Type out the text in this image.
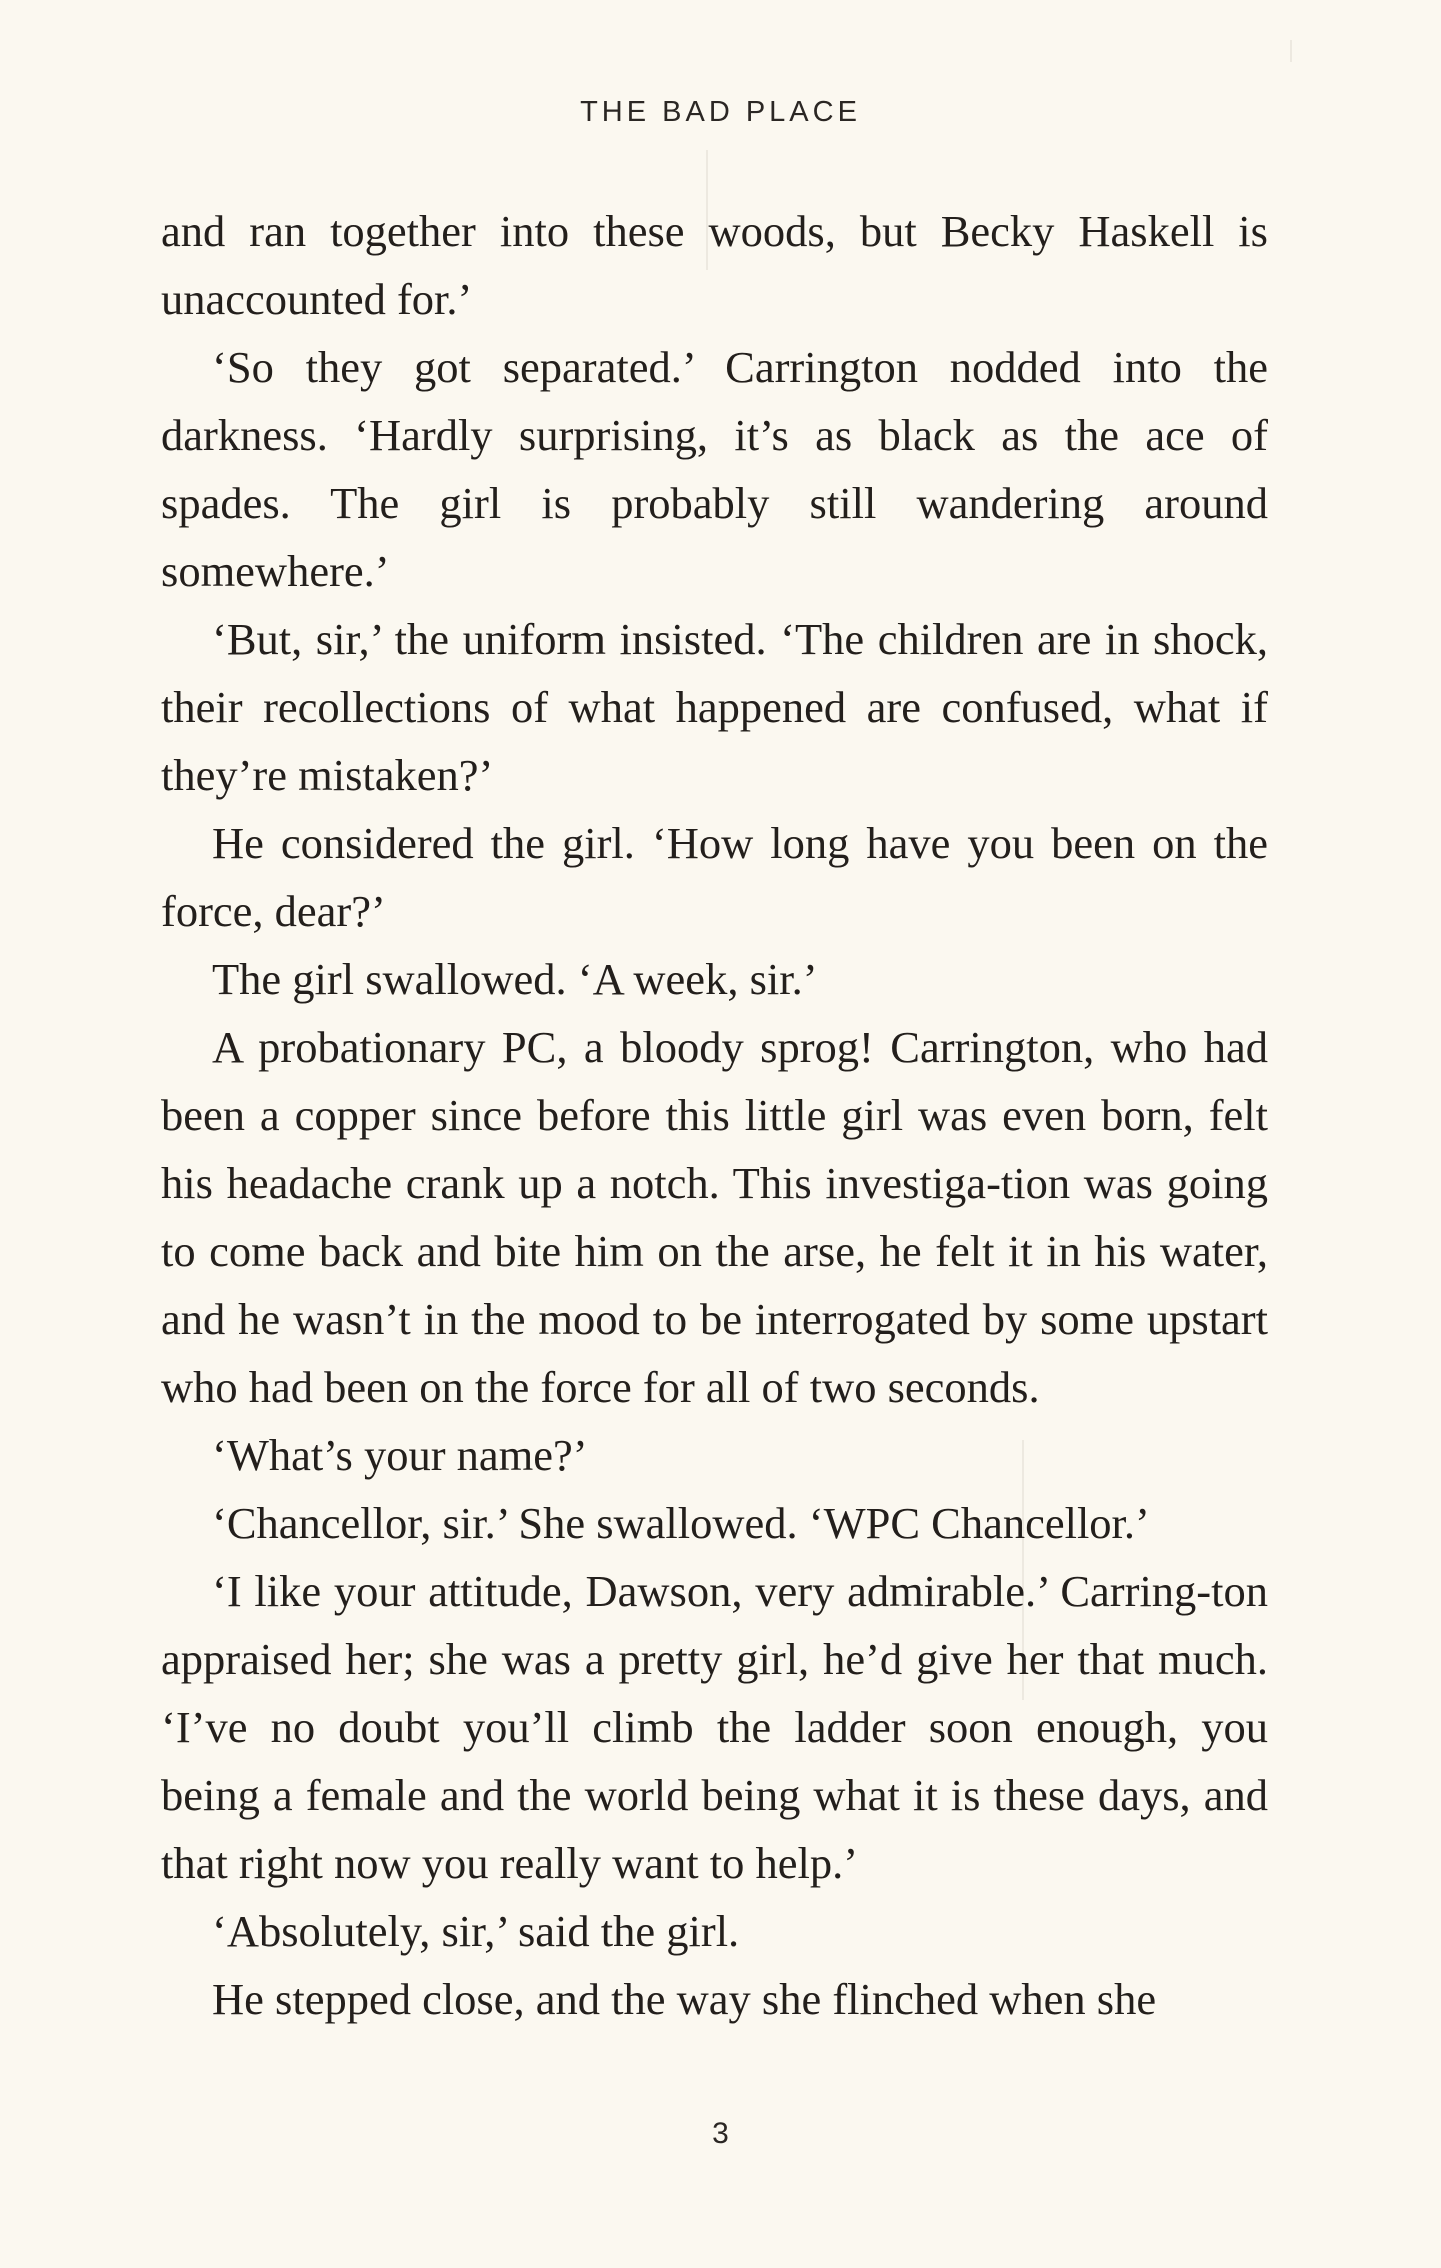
THE BAD PLACE

and ran together into these woods, but Becky Haskell is unaccounted for.’

‘So they got separated.’ Carrington nodded into the darkness. ‘Hardly surprising, it’s as black as the ace of spades. The girl is probably still wandering around somewhere.’

‘But, sir,’ the uniform insisted. ‘The children are in shock, their recollections of what happened are confused, what if they’re mistaken?’

He considered the girl. ‘How long have you been on the force, dear?’

The girl swallowed. ‘A week, sir.’

A probationary PC, a bloody sprog! Carrington, who had been a copper since before this little girl was even born, felt his headache crank up a notch. This investiga-tion was going to come back and bite him on the arse, he felt it in his water, and he wasn’t in the mood to be interrogated by some upstart who had been on the force for all of two seconds.

‘What’s your name?’

‘Chancellor, sir.’ She swallowed. ‘WPC Chancellor.’

‘I like your attitude, Dawson, very admirable.’ Carring-ton appraised her; she was a pretty girl, he’d give her that much. ‘I’ve no doubt you’ll climb the ladder soon enough, you being a female and the world being what it is these days, and that right now you really want to help.’

‘Absolutely, sir,’ said the girl.

He stepped close, and the way she flinched when she

3
